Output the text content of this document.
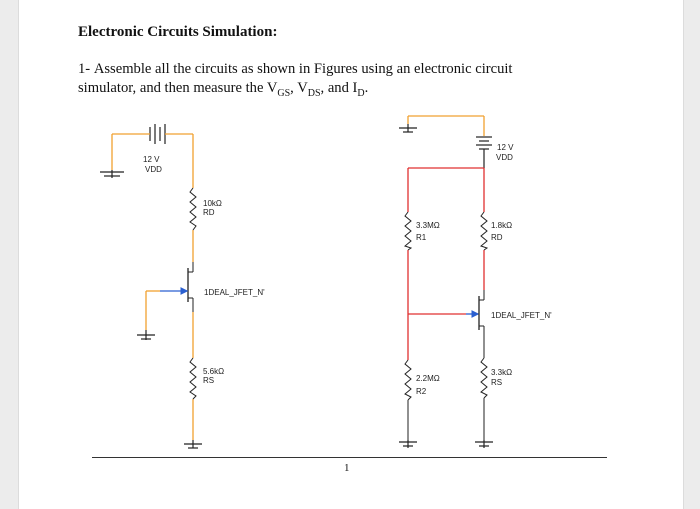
Electronic Circuits Simulation:
1- Assemble all the circuits as shown in Figures using an electronic circuit
simulator, and then measure the $V_{GS}$, $V_{DS}$, and $I_D$.
12 V
VDD
10kΩ
RD
1DEAL_JFET_N'
5.6kΩ
RS
12 V
VDD
3.3MΩ
R1
1.8kΩ
RD
1DEAL_JFET_N'
2.2MΩ
R2
3.3kΩ
RS
1
